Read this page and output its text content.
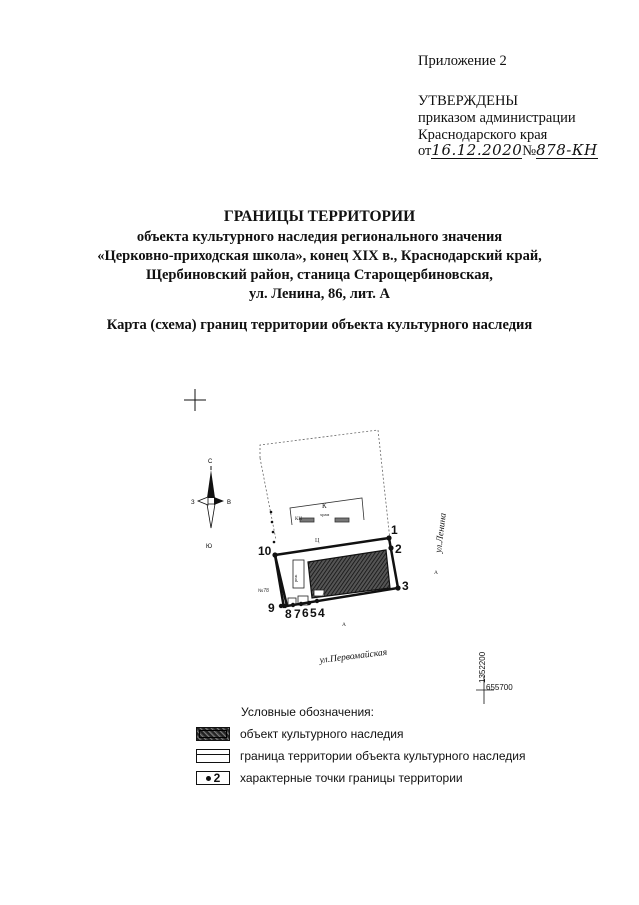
Приложение 2
УТВЕРЖДЕНЫ
приказом администрации
Краснодарского края
от16.12.2020№878-КН
ГРАНИЦЫ ТЕРРИТОРИИ
объекта культурного наследия регионального значения
«Церковно-приходская школа», конец XIX в., Краснодарский край,
Щербиновский район, станица Старощербиновская,
ул. Ленина, 86, лит. А
Карта (схема) границ территории объекта культурного наследия
С
Ю
З	В	К
храм
КН
Ц
реж
1
2
3
4
5
6
7
8
9
10
№78
А
А
А
ул.Ленина
ул.Первомайская	1352200
655700
Условные обозначения:
объект культурного наследия
граница территории объекта культурного наследия
2 характерные точки границы территории
